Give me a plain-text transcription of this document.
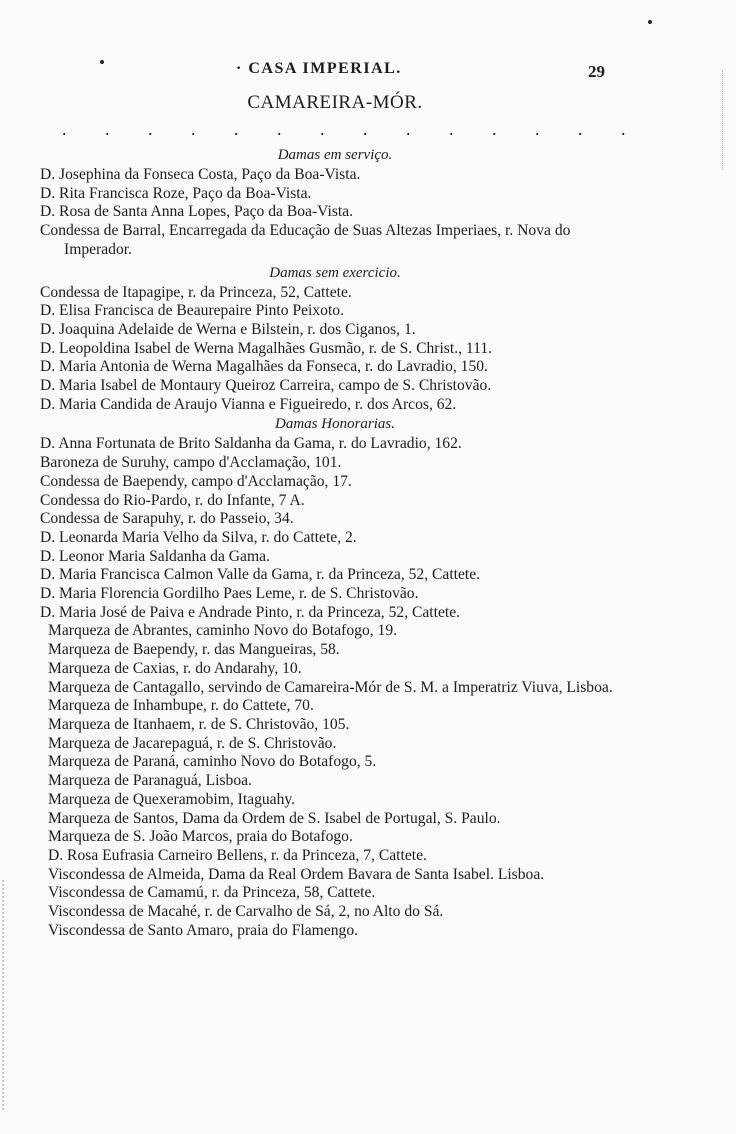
· CASA IMPERIAL.	29
CAMAREIRA-MÓR.
. . . . . . . . . . . . . .
Damas em serviço.
D. Josephina da Fonseca Costa, Paço da Boa-Vista.
D. Rita Francisca Roze, Paço da Boa-Vista.
D. Rosa de Santa Anna Lopes, Paço da Boa-Vista.
Condessa de Barral, Encarregada da Educação de Suas Altezas Imperiaes, r. Nova do Imperador.
Damas sem exercicio.
Condessa de Itapagipe, r. da Princeza, 52, Cattete.
D. Elisa Francisca de Beaurepaire Pinto Peixoto.
D. Joaquina Adelaide de Werna e Bilstein, r. dos Ciganos, 1.
D. Leopoldina Isabel de Werna Magalhães Gusmão, r. de S. Christ., 111.
D. Maria Antonia de Werna Magalhães da Fonseca, r. do Lavradio, 150.
D. Maria Isabel de Montaury Queiroz Carreira, campo de S. Christovão.
D. Maria Candida de Araujo Vianna e Figueiredo, r. dos Arcos, 62.
Damas Honorarias.
D. Anna Fortunata de Brito Saldanha da Gama, r. do Lavradio, 162.
Baroneza de Suruhy, campo d'Acclamação, 101.
Condessa de Baependy, campo d'Acclamação, 17.
Condessa do Rio-Pardo, r. do Infante, 7 A.
Condessa de Sarapuhy, r. do Passeio, 34.
D. Leonarda Maria Velho da Silva, r. do Cattete, 2.
D. Leonor Maria Saldanha da Gama.
D. Maria Francisca Calmon Valle da Gama, r. da Princeza, 52, Cattete.
D. Maria Florencia Gordilho Paes Leme, r. de S. Christovão.
D. Maria José de Paiva e Andrade Pinto, r. da Princeza, 52, Cattete.
Marqueza de Abrantes, caminho Novo do Botafogo, 19.
Marqueza de Baependy, r. das Mangueiras, 58.
Marqueza de Caxias, r. do Andarahy, 10.
Marqueza de Cantagallo, servindo de Camareira-Mór de S. M. a Imperatriz Viuva, Lisboa.
Marqueza de Inhambupe, r. do Cattete, 70.
Marqueza de Itanhaem, r. de S. Christovão, 105.
Marqueza de Jacarepaguá, r. de S. Christovão.
Marqueza de Paraná, caminho Novo do Botafogo, 5.
Marqueza de Paranaguá, Lisboa.
Marqueza de Quexeramobim, Itaguahy.
Marqueza de Santos, Dama da Ordem de S. Isabel de Portugal, S. Paulo.
Marqueza de S. João Marcos, praia do Botafogo.
D. Rosa Eufrasia Carneiro Bellens, r. da Princeza, 7, Cattete.
Viscondessa de Almeida, Dama da Real Ordem Bavara de Santa Isabel. Lisboa.
Viscondessa de Camamú, r. da Princeza, 58, Cattete.
Viscondessa de Macahé, r. de Carvalho de Sá, 2, no Alto do Sá.
Viscondessa de Santo Amaro, praia do Flamengo.
